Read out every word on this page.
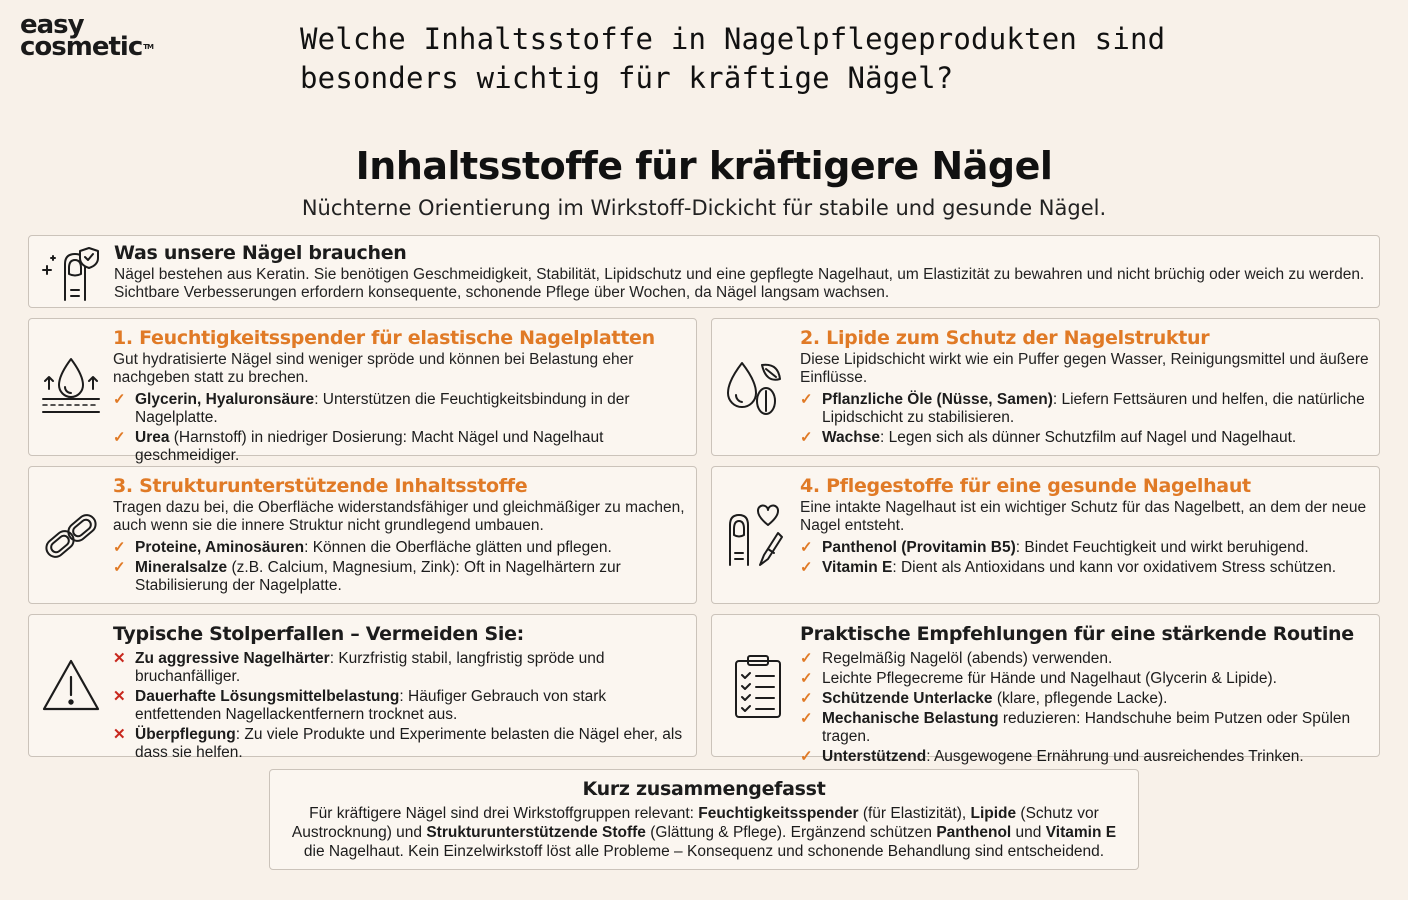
easy
cosmetic™	Welche Inhaltsstoffe in Nagelpflegeprodukten sind besonders wichtig für kräftige Nägel?
Inhaltsstoffe für kräftigere Nägel
Nüchterne Orientierung im Wirkstoff-Dickicht für stabile und gesunde Nägel.
Was unsere Nägel brauchen
Nägel bestehen aus Keratin. Sie benötigen Geschmeidigkeit, Stabilität, Lipidschutz und eine gepflegte Nagelhaut, um Elastizität zu bewahren und nicht brüchig oder weich zu werden. Sichtbare Verbesserungen erfordern konsequente, schonende Pflege über Wochen, da Nägel langsam wachsen.
1. Feuchtigkeitsspender für elastische Nagelplatten
Gut hydratisierte Nägel sind weniger spröde und können bei Belastung eher nachgeben statt zu brechen.
✓ Glycerin, Hyaluronsäure: Unterstützen die Feuchtigkeitsbindung in der Nagelplatte.
✓ Urea (Harnstoff) in niedriger Dosierung: Macht Nägel und Nagelhaut geschmeidiger.
2. Lipide zum Schutz der Nagelstruktur
Diese Lipidschicht wirkt wie ein Puffer gegen Wasser, Reinigungsmittel und äußere Einflüsse.
✓ Pflanzliche Öle (Nüsse, Samen): Liefern Fettsäuren und helfen, die natürliche Lipidschicht zu stabilisieren.
✓ Wachse: Legen sich als dünner Schutzfilm auf Nagel und Nagelhaut.
3. Strukturunterstützende Inhaltsstoffe
Tragen dazu bei, die Oberfläche widerstandsfähiger und gleichmäßiger zu machen, auch wenn sie die innere Struktur nicht grundlegend umbauen.
✓ Proteine, Aminosäuren: Können die Oberfläche glätten und pflegen.
✓ Mineralsalze (z.B. Calcium, Magnesium, Zink): Oft in Nagelhärtern zur Stabilisierung der Nagelplatte.
4. Pflegestoffe für eine gesunde Nagelhaut
Eine intakte Nagelhaut ist ein wichtiger Schutz für das Nagelbett, an dem der neue Nagel entsteht.
✓ Panthenol (Provitamin B5): Bindet Feuchtigkeit und wirkt beruhigend.
✓ Vitamin E: Dient als Antioxidans und kann vor oxidativem Stress schützen.
Typische Stolperfallen – Vermeiden Sie:
✕ Zu aggressive Nagelhärter: Kurzfristig stabil, langfristig spröde und bruchanfälliger.
✕ Dauerhafte Lösungsmittelbelastung: Häufiger Gebrauch von stark entfettenden Nagellackentfernern trocknet aus.
✕ Überpflegung: Zu viele Produkte und Experimente belasten die Nägel eher, als dass sie helfen.
Praktische Empfehlungen für eine stärkende Routine
✓ Regelmäßig Nagelöl (abends) verwenden.
✓ Leichte Pflegecreme für Hände und Nagelhaut (Glycerin & Lipide).
✓ Schützende Unterlacke (klare, pflegende Lacke).
✓ Mechanische Belastung reduzieren: Handschuhe beim Putzen oder Spülen tragen.
✓ Unterstützend: Ausgewogene Ernährung und ausreichendes Trinken.
Kurz zusammengefasst
Für kräftigere Nägel sind drei Wirkstoffgruppen relevant: Feuchtigkeitsspender (für Elastizität), Lipide (Schutz vor Austrocknung) und Strukturunterstützende Stoffe (Glättung & Pflege). Ergänzend schützen Panthenol und Vitamin E die Nagelhaut. Kein Einzelwirkstoff löst alle Probleme – Konsequenz und schonende Behandlung sind entscheidend.
